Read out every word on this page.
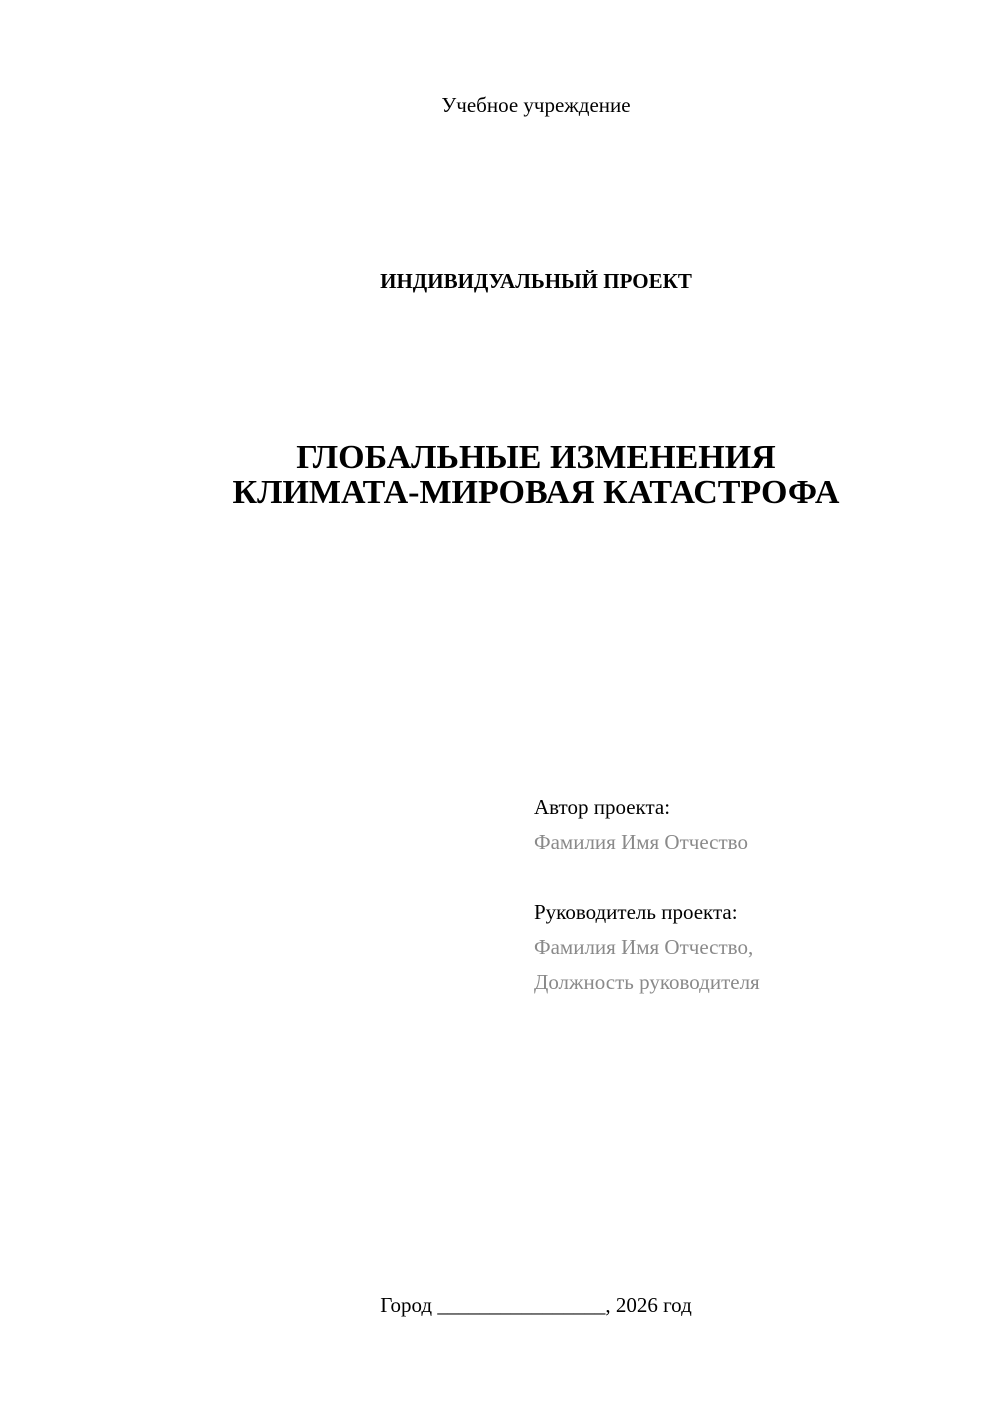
Учебное учреждение
ИНДИВИДУАЛЬНЫЙ ПРОЕКТ
ГЛОБАЛЬНЫЕ ИЗМЕНЕНИЯ
КЛИМАТА-МИРОВАЯ КАТАСТРОФА
Автор проекта:
Фамилия Имя Отчество
Руководитель проекта:
Фамилия Имя Отчество,
Должность руководителя
Город ________________, 2026 год
